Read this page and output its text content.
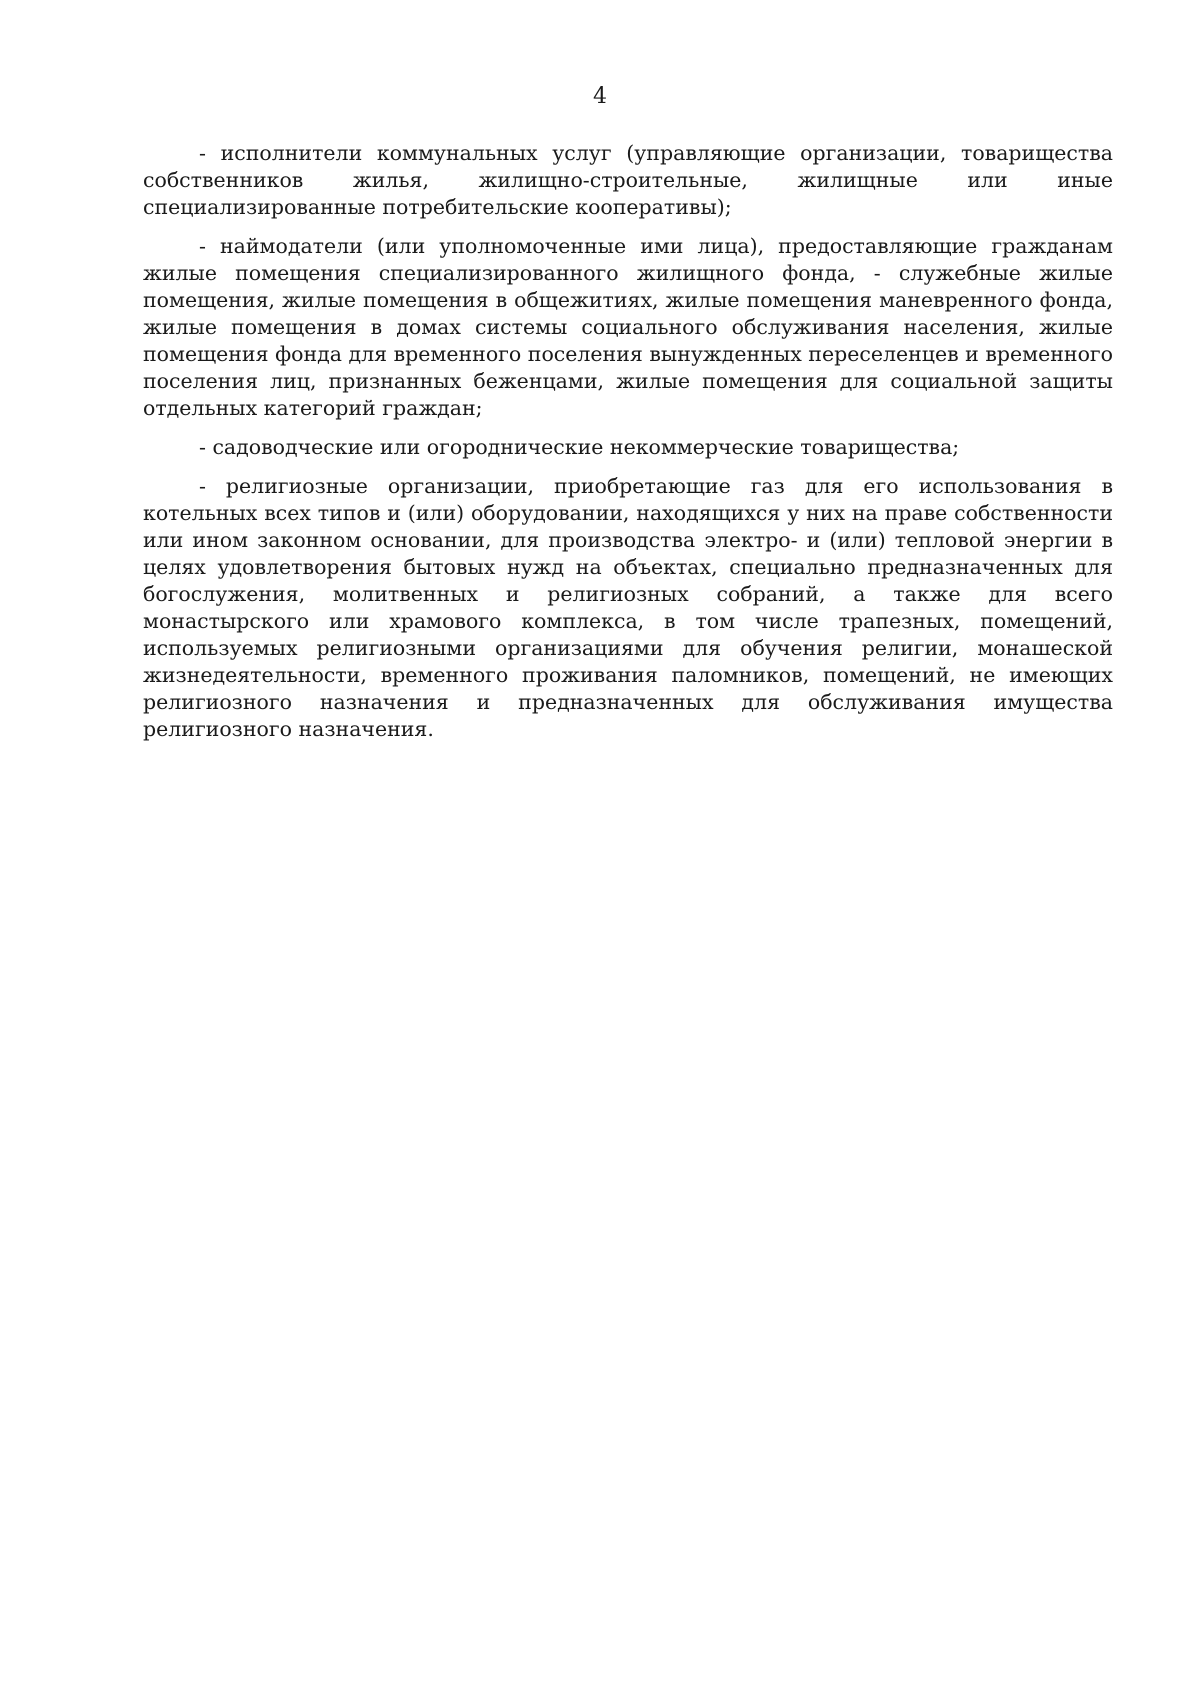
4

- исполнители коммунальных услуг (управляющие организации, товарищества собственников жилья, жилищно-строительные, жилищные или иные специализированные потребительские кооперативы);

- наймодатели (или уполномоченные ими лица), предоставляющие гражданам жилые помещения специализированного жилищного фонда, - служебные жилые помещения, жилые помещения в общежитиях, жилые помещения маневренного фонда, жилые помещения в домах системы социального обслуживания населения, жилые помещения фонда для временного поселения вынужденных переселенцев и временного поселения лиц, признанных беженцами, жилые помещения для социальной защиты отдельных категорий граждан;

- садоводческие или огороднические некоммерческие товарищества;

- религиозные организации, приобретающие газ для его использования в котельных всех типов и (или) оборудовании, находящихся у них на праве собственности или ином законном основании, для производства электро- и (или) тепловой энергии в целях удовлетворения бытовых нужд на объектах, специально предназначенных для богослужения, молитвенных и религиозных собраний, а также для всего монастырского или храмового комплекса, в том числе трапезных, помещений, используемых религиозными организациями для обучения религии, монашеской жизнедеятельности, временного проживания паломников, помещений, не имеющих религиозного назначения и предназначенных для обслуживания имущества религиозного назначения.
